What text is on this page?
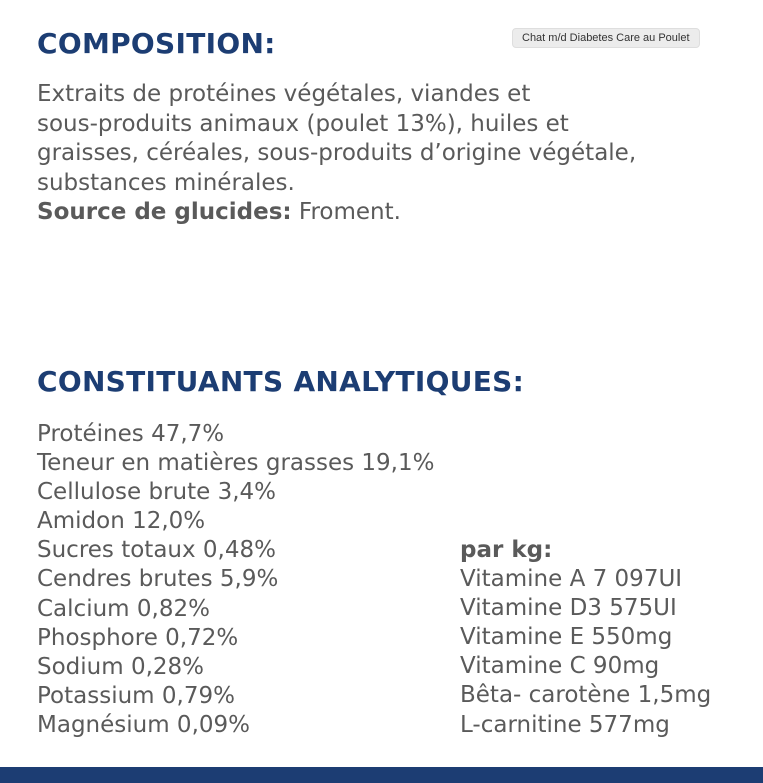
COMPOSITION:	Chat m/d Diabetes Care au Poulet

Extraits de protéines végétales, viandes et
sous-produits animaux (poulet 13%), huiles et
graisses, céréales, sous-produits d’origine végétale,
substances minérales.
Source de glucides: Froment.

CONSTITUANTS ANALYTIQUES:
Protéines 47,7%
Teneur en matières grasses 19,1%
Cellulose brute 3,4%
Amidon 12,0%
Sucres totaux 0,48%
Cendres brutes 5,9%
Calcium 0,82%
Phosphore 0,72%
Sodium 0,28%
Potassium 0,79%
Magnésium 0,09%
par kg:
Vitamine A 7 097UI
Vitamine D3 575UI
Vitamine E 550mg
Vitamine C 90mg
Bêta- carotène 1,5mg
L-carnitine 577mg
